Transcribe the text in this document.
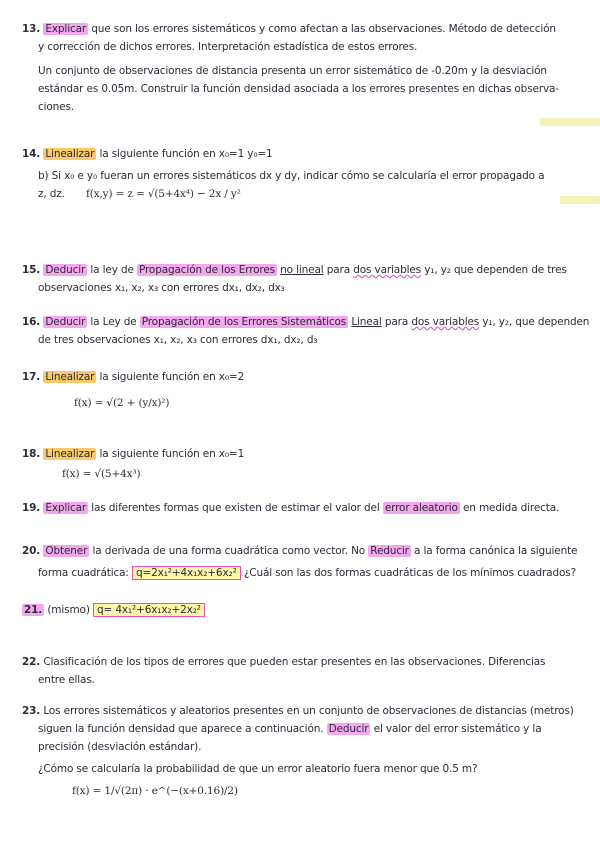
13. Explicar que son los errores sistemáticos y como afectan a las observaciones. Método de detección
y corrección de dichos errores. Interpretación estadística de estos errores.
Un conjunto de observaciones de distancia presenta un error sistemático de -0.20m y la desviación
estándar es 0.05m. Construir la función densidad asociada a los errores presentes en dichas observa-
ciones.
14. Linealizar la siguiente función en x₀=1 y₀=1
b) Si x₀ e y₀ fueran un errores sistemáticos dx y dy, indicar cómo se calcularía el error propagado a
z, dz. f(x,y) = z = √(5+4x⁴) − 2x / y²
15. Deducir la ley de Propagación de los Errores no lineal para dos variables y₁, y₂ que dependen de tres
observaciones x₁, x₂, x₃ con errores dx₁, dx₂, dx₃
16. Deducir la Ley de Propagación de los Errores Sistemáticos Lineal para dos variables y₁, y₂, que dependen
de tres observaciones x₁, x₂, x₃ con errores dx₁, dx₂, d₃
17. Linealizar la siguiente función en x₀=2
f(x) = √(2 + (y/x)²)
18. Linealizar la siguiente función en x₀=1
f(x) = √(5+4x³)
19. Explicar las diferentes formas que existen de estimar el valor del error aleatorio en medida directa.
20. Obtener la derivada de una forma cuadrática como vector. No Reducir a la forma canónica la siguiente
forma cuadrática: q=2x₁²+4x₁x₂+6x₂² ¿Cuál son las dos formas cuadráticas de los mínimos cuadrados?
21. (mismo) q= 4x₁²+6x₁x₂+2x₂²
22. Clasificación de los tipos de errores que pueden estar presentes en las observaciones. Diferencias
entre ellas.
23. Los errores sistemáticos y aleatorios presentes en un conjunto de observaciones de distancias (metros)
siguen la función densidad que aparece a continuación. Deducir el valor del error sistemático y la
precisión (desviación estándar).
¿Cómo se calcularía la probabilidad de que un error aleatorio fuera menor que 0.5 m?
f(x) = 1/√(2π) · e^(−(x+0.16)/2)
